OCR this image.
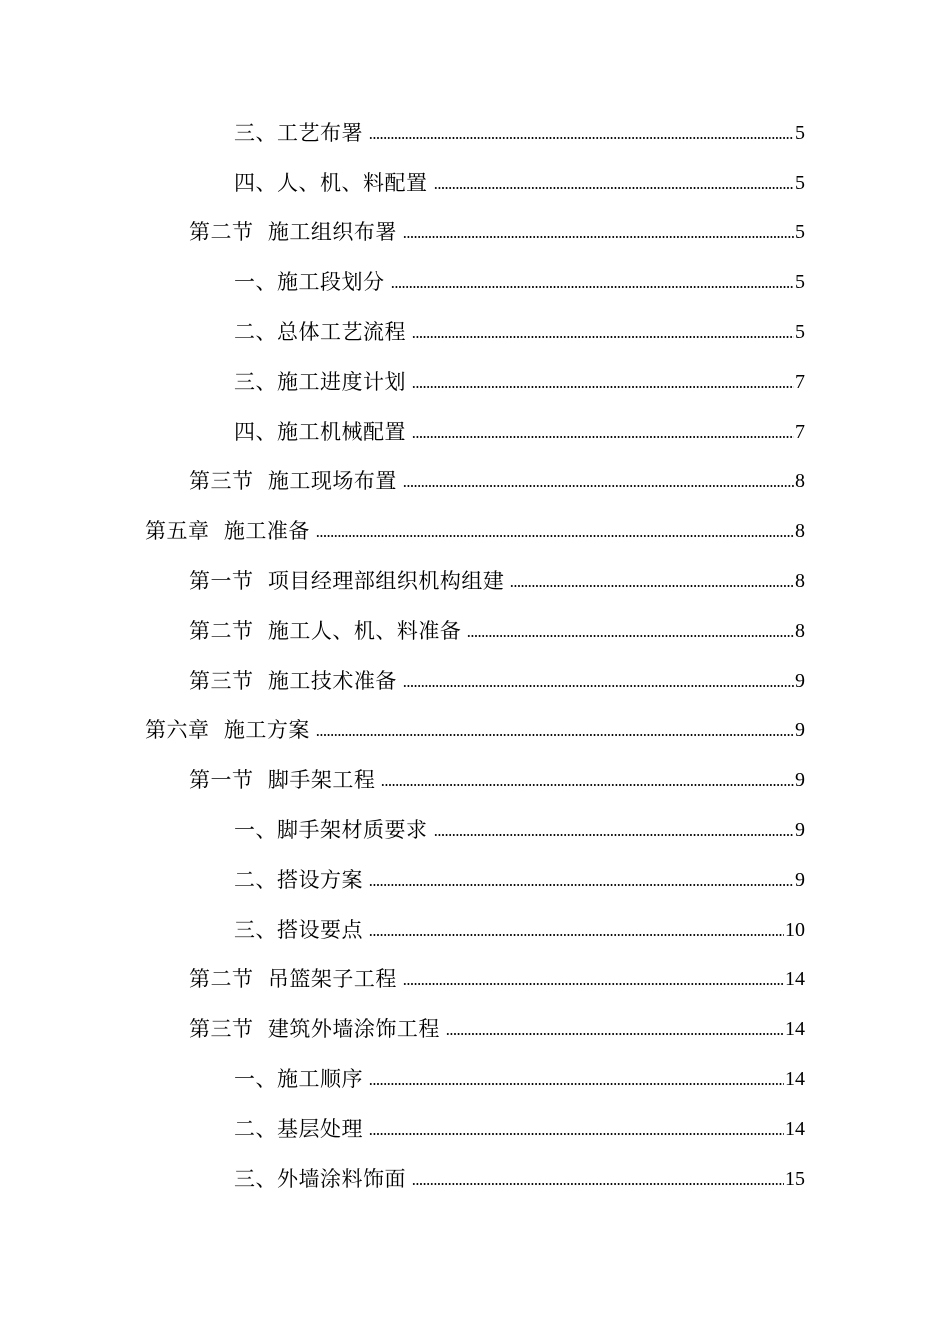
三、工艺布署	5
四、人、机、料配置	5
第二节  施工组织布署	5
一、施工段划分	5
二、总体工艺流程	5
三、施工进度计划	7
四、施工机械配置	7
第三节  施工现场布置	8
第五章  施工准备	8
第一节  项目经理部组织机构组建	8
第二节  施工人、机、料准备	8
第三节  施工技术准备	9
第六章  施工方案	9
第一节  脚手架工程	9
一、脚手架材质要求	9
二、搭设方案	9
三、搭设要点	10
第二节  吊篮架子工程	14
第三节  建筑外墙涂饰工程	14
一、施工顺序	14
二、基层处理	14
三、外墙涂料饰面	15
